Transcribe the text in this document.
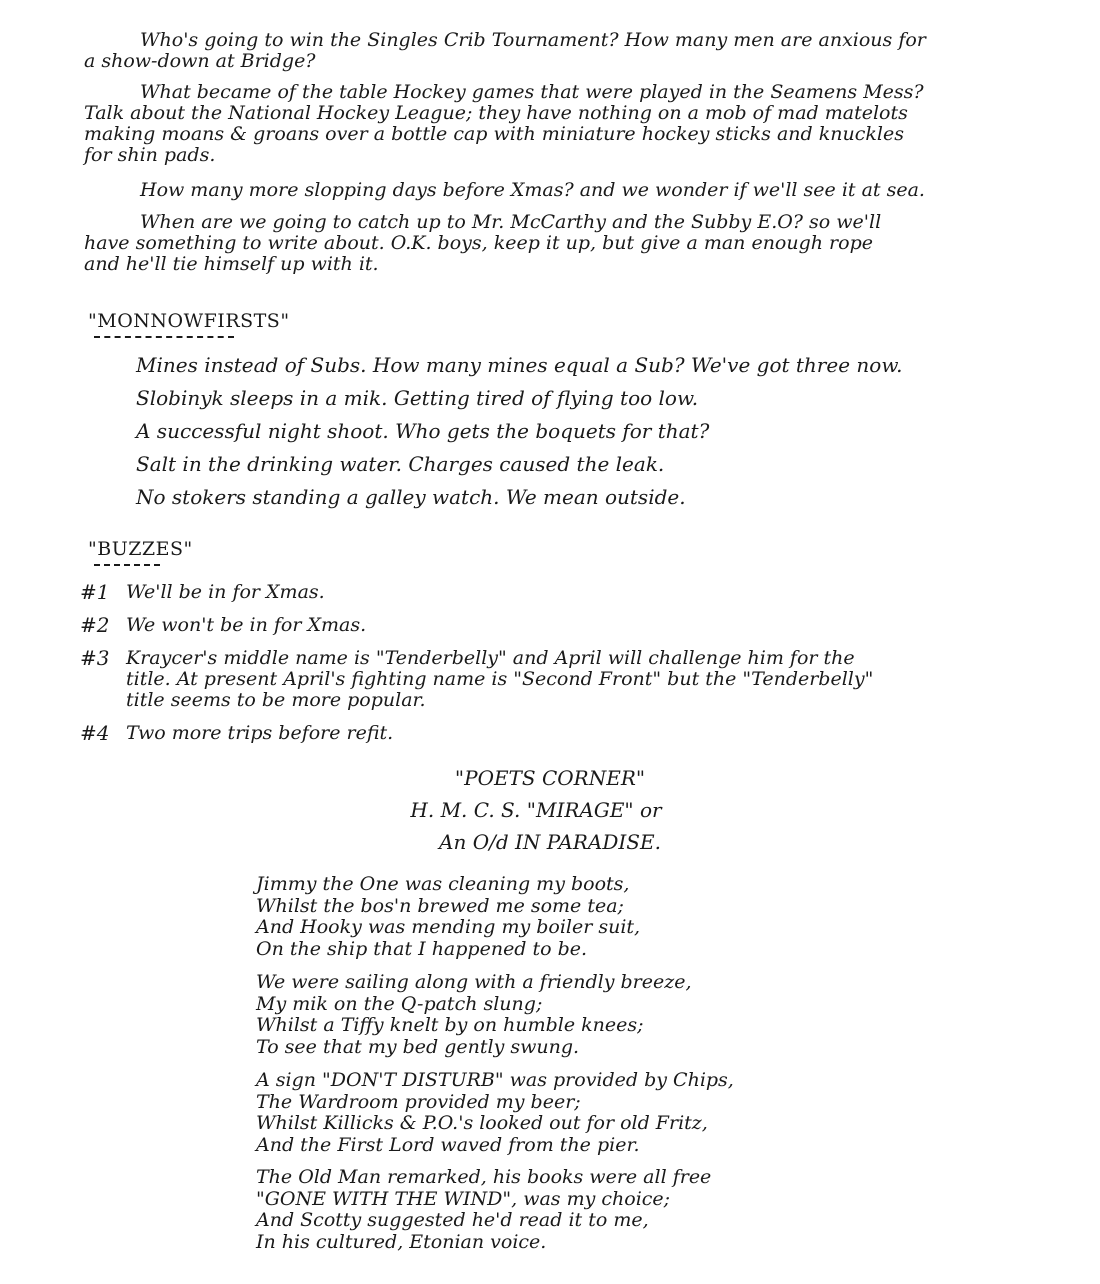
Who's going to win the Singles Crib Tournament? How many men are anxious for
a show-down at Bridge?
What became of the table Hockey games that were played in the Seamens Mess?
Talk about the National Hockey League; they have nothing on a mob of mad matelots
making moans & groans over a bottle cap with miniature hockey sticks and knuckles
for shin pads.
How many more slopping days before Xmas? and we wonder if we'll see it at sea.
When are we going to catch up to Mr. McCarthy and the Subby E.O? so we'll
have something to write about. O.K. boys, keep it up, but give a man enough rope
and he'll tie himself up with it.
"MONNOWFIRSTS"

Mines instead of Subs. How many mines equal a Sub? We've got three now.

Slobinyk sleeps in a mik. Getting tired of flying too low.

A successful night shoot. Who gets the boquets for that?

Salt in the drinking water. Charges caused the leak.

No stokers standing a galley watch. We mean outside.

"BUZZES"
#1 We'll be in for Xmas.
#2 We won't be in for Xmas.
#3 Kraycer's middle name is "Tenderbelly" and April will challenge him for the
title. At present April's fighting name is "Second Front" but the "Tenderbelly"
title seems to be more popular.
#4 Two more trips before refit.
"POETS CORNER"
H. M. C. S. "MIRAGE" or
An O/d IN PARADISE.
Jimmy the One was cleaning my boots,
Whilst the bos'n brewed me some tea;
And Hooky was mending my boiler suit,
On the ship that I happened to be.
We were sailing along with a friendly breeze,
My mik on the Q-patch slung;
Whilst a Tiffy knelt by on humble knees;
To see that my bed gently swung.
A sign "DON'T DISTURB" was provided by Chips,
The Wardroom provided my beer;
Whilst Killicks & P.O.'s looked out for old Fritz,
And the First Lord waved from the pier.
The Old Man remarked, his books were all free
"GONE WITH THE WIND", was my choice;
And Scotty suggested he'd read it to me,
In his cultured, Etonian voice.
